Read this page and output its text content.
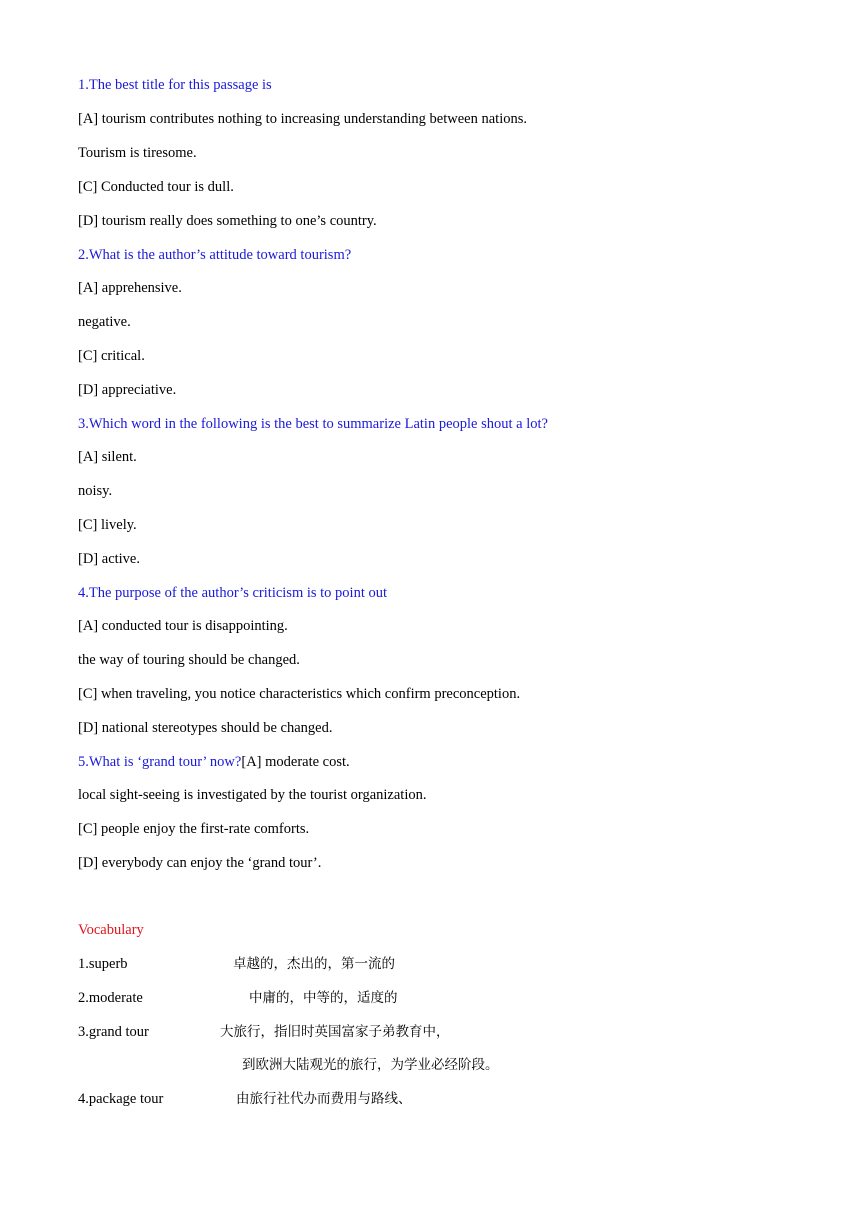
1.The best title for this passage is
[A] tourism contributes nothing to increasing understanding between nations.
Tourism is tiresome.
[C] Conducted tour is dull.
[D] tourism really does something to one’s country.
2.What is the author’s attitude toward tourism?
[A] apprehensive.
negative.
[C] critical.
[D] appreciative.
3.Which word in the following is the best to summarize Latin people shout a lot?
[A] silent.
noisy.
[C] lively.
[D] active.
4.The purpose of the author’s criticism is to point out
[A] conducted tour is disappointing.
the way of touring should be changed.
[C] when traveling, you notice characteristics which confirm preconception.
[D] national stereotypes should be changed.
5.What is ‘grand tour’ now?[A] moderate cost.
local sight-seeing is investigated by the tourist organization.
[C] people enjoy the first-rate comforts.
[D] everybody can enjoy the ‘grand tour’.
Vocabulary
1.superb	卓越的，杰出的，第一流的
2.moderate	中庸的，中等的，适度的
3.grand tour	大旅行，指旧时英国富家子弟教育中，
到欧洲大陆观光的旅行，为学业必经阶段。
4.package tour	由旅行社代办而费用与路线、
